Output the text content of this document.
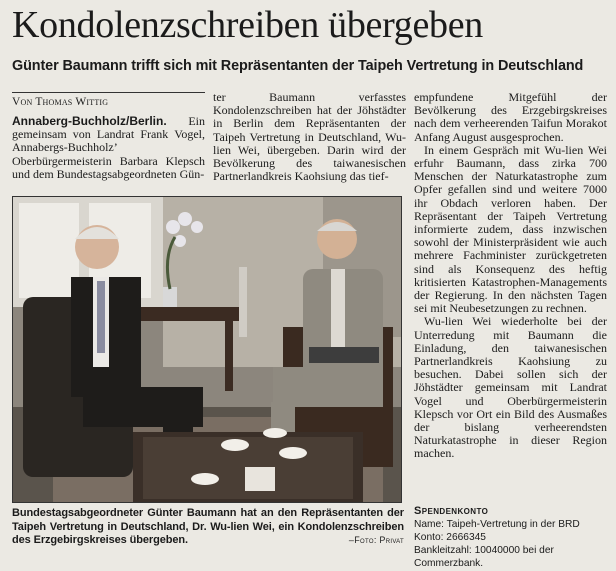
Kondolenzschreiben übergeben
Günter Baumann trifft sich mit Repräsentanten der Taipeh Vertretung in Deutschland

Von Thomas Wittig

Annaberg-Buchholz/Berlin. Ein gemeinsam von Landrat Frank Vogel, Annabergs-Buchholz’ Oberbürgermeisterin Barbara Klepsch und dem Bundestagsabgeordneten Gün-

ter Baumann verfasstes Kondolenzschreiben hat der Jöhstädter in Berlin dem Repräsentanten der Taipeh Vertretung in Deutschland, Wu-lien Wei, übergeben. Darin wird der Bevölkerung des taiwanesischen Partnerlandkreis Kaohsiung das tief-

empfundene Mitgefühl der Bevölkerung des Erzgebirgskreises nach dem verheerenden Taifun Morakot Anfang August ausgesprochen.

In einem Gespräch mit Wu-lien Wei erfuhr Baumann, dass zirka 700 Menschen der Naturkatastrophe zum Opfer gefallen sind und weitere 7000 ihr Obdach verloren haben. Der Repräsentant der Taipeh Vertretung informierte zudem, dass inzwischen sowohl der Ministerpräsident wie auch mehrere Fachminister zurückgetreten sind als Konsequenz des heftig kritisierten Katastrophen-Managements der Regierung. In den nächsten Tagen sei mit Neubesetzungen zu rechnen.

Wu-lien Wei wiederholte bei der Unterredung mit Baumann die Einladung, den taiwanesischen Partnerlandkreis Kaohsiung zu besuchen. Dabei sollen sich der Jöhstädter gemeinsam mit Landrat Vogel und Oberbürgermeisterin Klepsch vor Ort ein Bild des Ausmaßes der bislang verheerendsten Naturkatastrophe in dieser Region machen.

Bundestagsabgeordneter Günter Baumann hat an den Repräsentanten der Taipeh Vertretung in Deutschland, Dr. Wu-lien Wei, ein Kondolenzschreiben des Erzgebirgskreises übergeben.	–Foto: Privat
Spendenkonto
Name: Taipeh-Vertretung in der BRD
Konto: 2666345
Bankleitzahl: 10040000 bei der Commerzbank.
